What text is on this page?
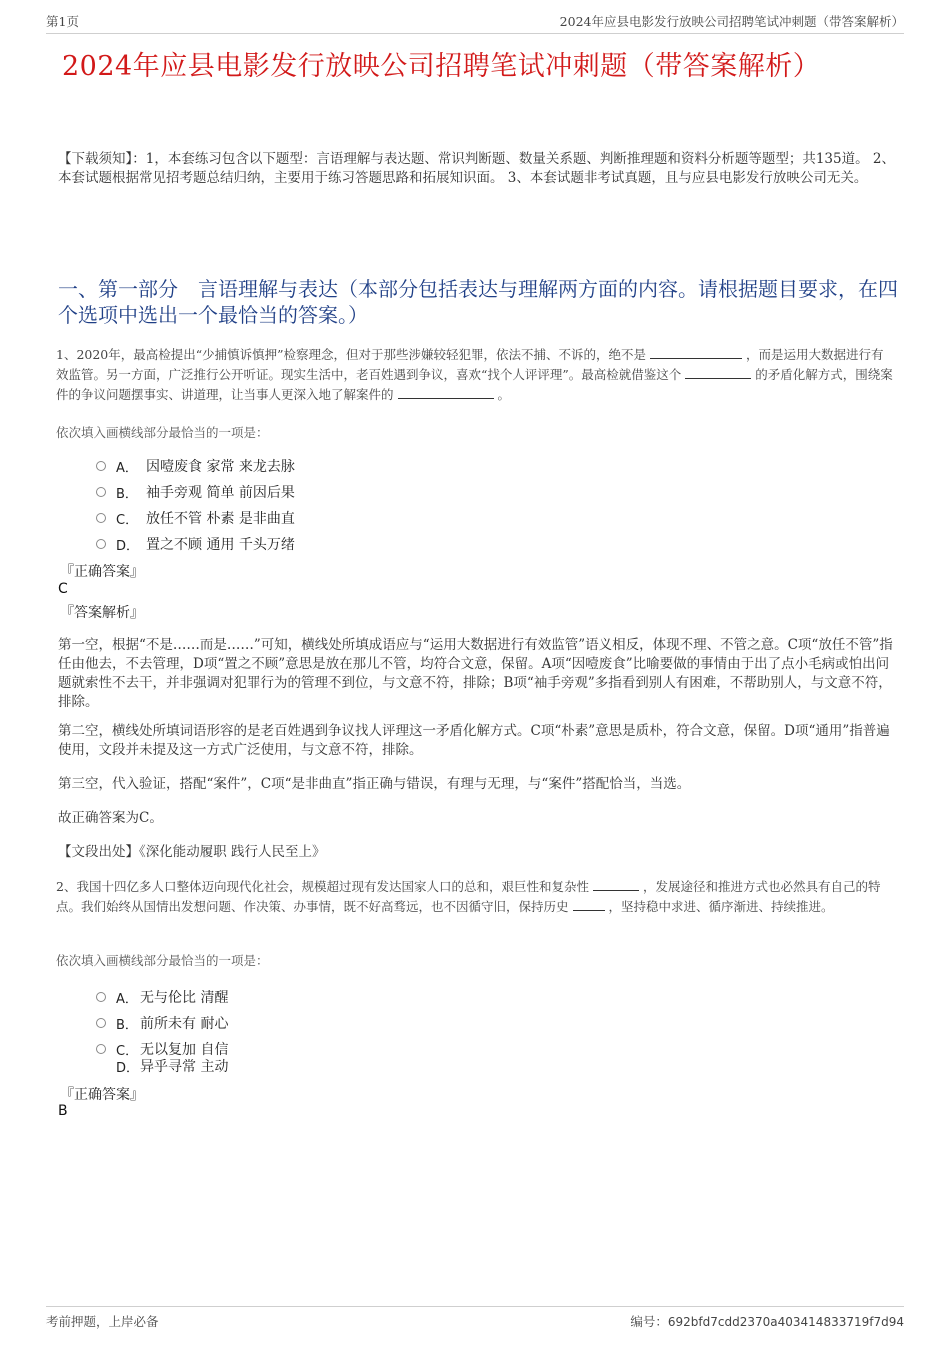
第1页	2024年应县电影发行放映公司招聘笔试冲刺题（带答案解析）
2024年应县电影发行放映公司招聘笔试冲刺题（带答案解析）
【下载须知】：1，本套练习包含以下题型：言语理解与表达题、常识判断题、数量关系题、判断推理题和资料分析题等题型；共135道。 2、本套试题根据常见招考题总结归纳，主要用于练习答题思路和拓展知识面。 3、本套试题非考试真题，且与应县电影发行放映公司无关。
一、第一部分　言语理解与表达（本部分包括表达与理解两方面的内容。请根据题目要求，在四个选项中选出一个最恰当的答案。）
1、2020年，最高检提出“少捕慎诉慎押”检察理念，但对于那些涉嫌较轻犯罪，依法不捕、不诉的，绝不是	，而是运用大数据进行有效监管。另一方面，广泛推行公开听证。现实生活中，老百姓遇到争议，喜欢“找个人评评理”。最高检就借鉴这个	的矛盾化解方式，围绕案件的争议问题摆事实、讲道理，让当事人更深入地了解案件的	。
依次填入画横线部分最恰当的一项是：
A． 因噎废食 家常 来龙去脉
B． 袖手旁观 简单 前因后果
C． 放任不管 朴素 是非曲直
D． 置之不顾 通用 千头万绪
『正确答案』
C
『答案解析』
第一空，根据“不是……而是……”可知，横线处所填成语应与“运用大数据进行有效监管”语义相反，体现不理、不管之意。C项“放任不管”指任由他去，不去管理，D项“置之不顾”意思是放在那儿不管，均符合文意，保留。A项“因噎废食”比喻要做的事情由于出了点小毛病或怕出问题就索性不去干，并非强调对犯罪行为的管理不到位，与文意不符，排除；B项“袖手旁观”多指看到别人有困难，不帮助别人，与文意不符，排除。
第二空，横线处所填词语形容的是老百姓遇到争议找人评理这一矛盾化解方式。C项“朴素”意思是质朴，符合文意，保留。D项“通用”指普遍使用，文段并未提及这一方式广泛使用，与文意不符，排除。
第三空，代入验证，搭配“案件”，C项“是非曲直”指正确与错误，有理与无理，与“案件”搭配恰当，当选。
故正确答案为C。
【文段出处】《深化能动履职 践行人民至上》
2、我国十四亿多人口整体迈向现代化社会，规模超过现有发达国家人口的总和，艰巨性和复杂性	，发展途径和推进方式也必然具有自己的特点。我们始终从国情出发想问题、作决策、办事情，既不好高骛远，也不因循守旧，保持历史	，坚持稳中求进、循序渐进、持续推进。
依次填入画横线部分最恰当的一项是：
A． 无与伦比 清醒
B． 前所未有 耐心
C． 无以复加 自信
D． 异乎寻常 主动
『正确答案』
B
考前押题，上岸必备	编号：692bfd7cdd2370a403414833719f7d94
